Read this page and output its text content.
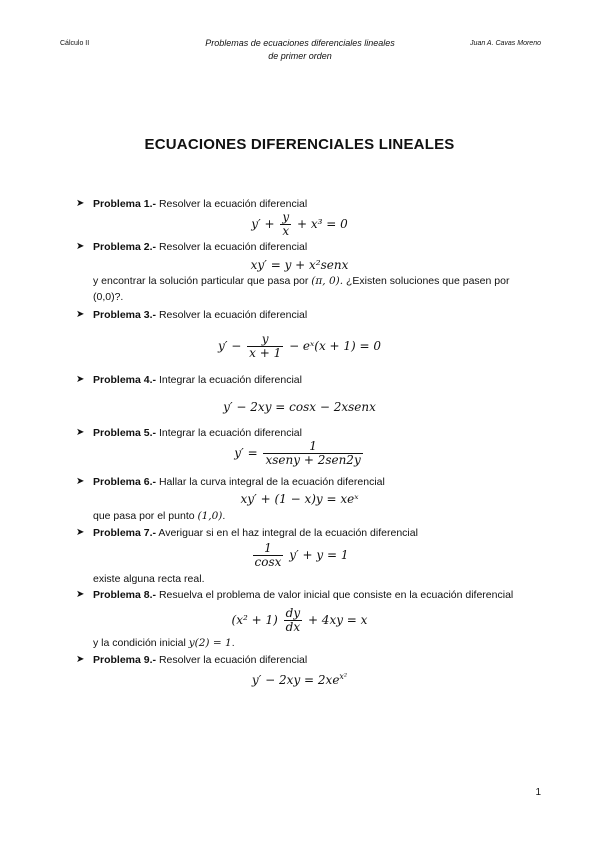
Cálculo II	Problemas de ecuaciones diferenciales lineales
de primer orden
Juan A. Cavas Moreno
ECUACIONES DIFERENCIALES LINEALES
➤ Problema 1.- Resolver la ecuación diferencial
$y' + \frac{y}{x} + x^3 = 0$
➤ Problema 2.- Resolver la ecuación diferencial
xy′ = y + x²senx
y encontrar la solución particular que pasa por (π, 0). ¿Existen soluciones que pasen por
(0,0)?.
➤ Problema 3.- Resolver la ecuación diferencial
$y' - \frac{y}{x + 1}$ − eˣ(x + 1) = 0
➤ Problema 4.- Integrar la ecuación diferencial
y′ − 2xy = cosx − 2xsenx
➤ Problema 5.- Integrar la ecuación diferencial
$y' = \frac{1}{\text{xseny + 2sen2y}}$
➤ Problema 6.- Hallar la curva integral de la ecuación diferencial
xy′ + (1 − x)y = xeˣ
que pasa por el punto (1,0).
➤ Problema 7.- Averiguar si en el haz integral de la ecuación diferencial
$\frac{1}{\cos x} y' + y = 1$
existe alguna recta real.
➤ Problema 8.- Resuelva el problema de valor inicial que consiste en la ecuación diferencial
$(x^2 + 1) \frac{dy}{dx} + 4xy = x$
y la condición inicial y(2) = 1.
➤ Problema 9.- Resolver la ecuación diferencial
$y' - 2xy = 2xe^{x^2}$
1
